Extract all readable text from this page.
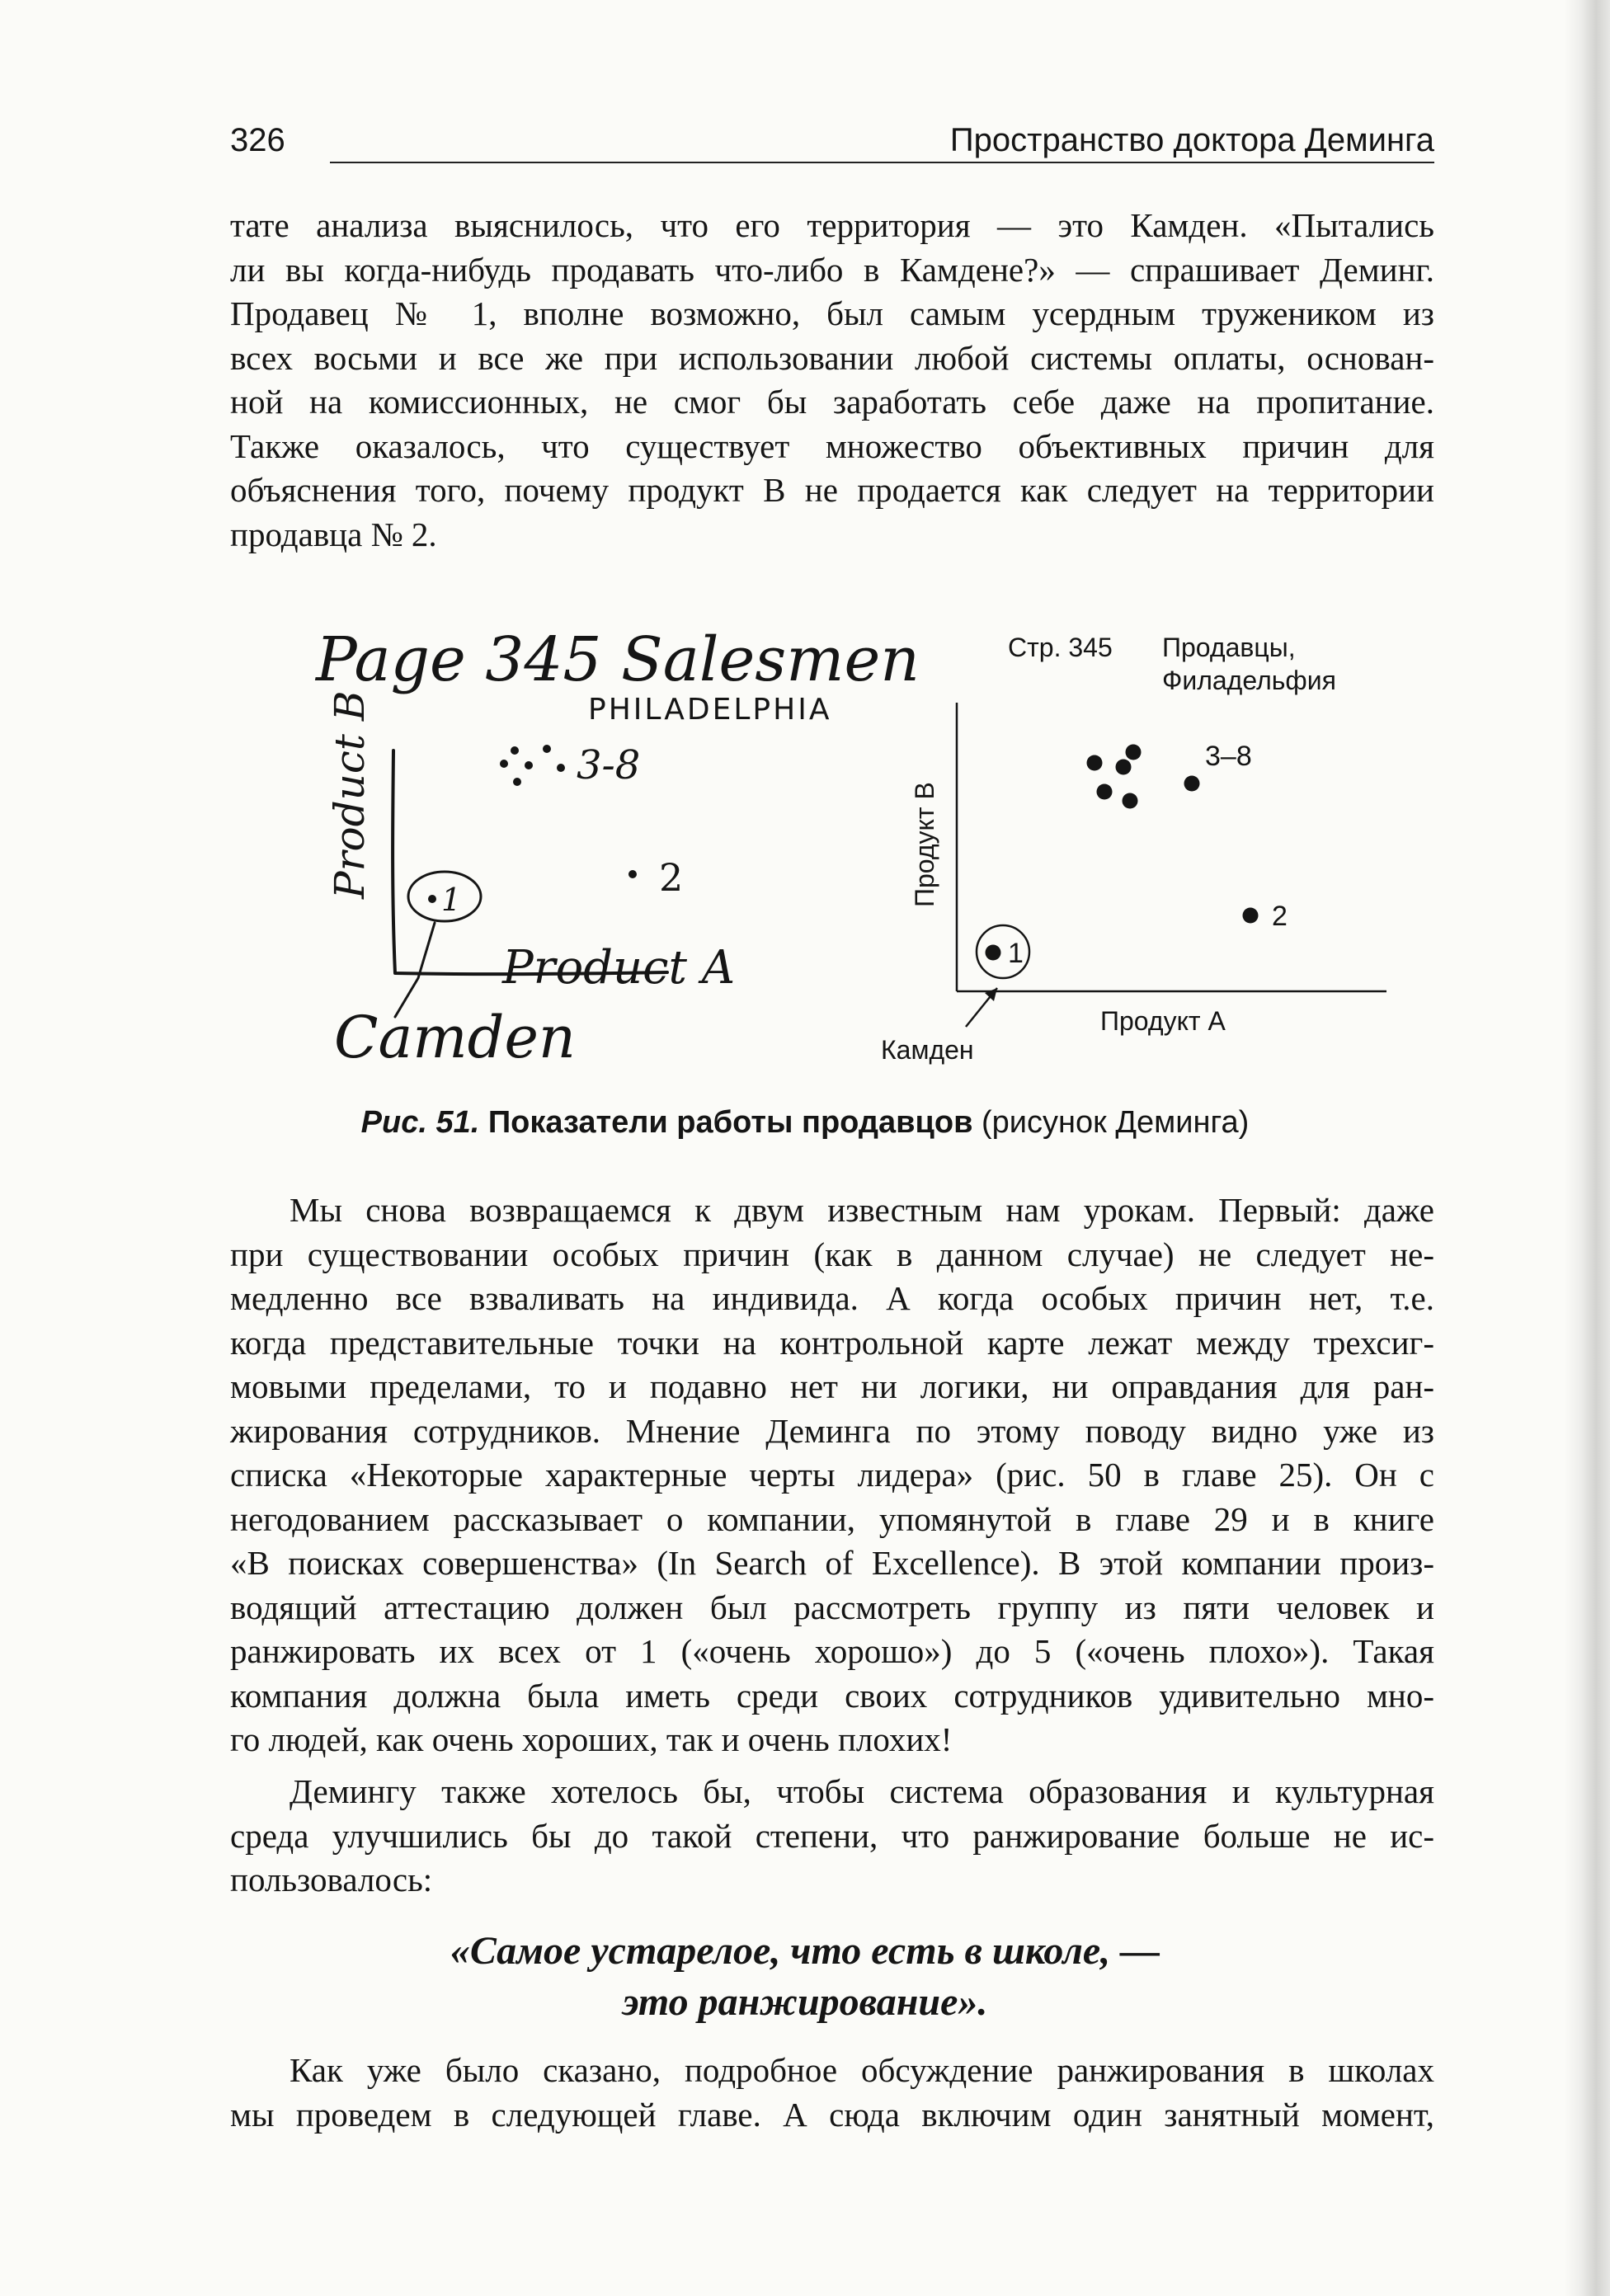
326	Пространство доктора Деминга
тате анализа выяснилось, что его территория — это Камден. «Пытались
ли вы когда-нибудь продавать что-либо в Камдене?» — спрашивает Деминг.
Продавец № 1, вполне возможно, был самым усердным тружеником из
всех восьми и все же при использовании любой системы оплаты, основан-
ной на комиссионных, не смог бы заработать себе даже на пропитание.
Также оказалось, что существует множество объективных причин для
объяснения того, почему продукт В не продается как следует на территории
продавца № 2.
Page 345 Salesmen
PHILADELPHIA
Product B
Product A
3-8
2
1
Camden
Стр. 345 Продавцы,
Филадельфия
Продукт В
Продукт А
3–8
2
1
Камден
Рис. 51. Показатели работы продавцов (рисунок Деминга)
Мы снова возвращаемся к двум известным нам урокам. Первый: даже
при существовании особых причин (как в данном случае) не следует не-
медленно все взваливать на индивида. А когда особых причин нет, т.е.
когда представительные точки на контрольной карте лежат между трехсиг-
мовыми пределами, то и подавно нет ни логики, ни оправдания для ран-
жирования сотрудников. Мнение Деминга по этому поводу видно уже из
списка «Некоторые характерные черты лидера» (рис. 50 в главе 25). Он с
негодованием рассказывает о компании, упомянутой в главе 29 и в книге
«В поисках совершенства» (In Search of Excellence). В этой компании произ-
водящий аттестацию должен был рассмотреть группу из пяти человек и
ранжировать их всех от 1 («очень хорошо») до 5 («очень плохо»). Такая
компания должна была иметь среди своих сотрудников удивительно мно-
го людей, как очень хороших, так и очень плохих!
Демингу также хотелось бы, чтобы система образования и культурная
среда улучшились бы до такой степени, что ранжирование больше не ис-
пользовалось:
«Самое устарелое, что есть в школе, —
это ранжирование».
Как уже было сказано, подробное обсуждение ранжирования в школах
мы проведем в следующей главе. А сюда включим один занятный момент,
